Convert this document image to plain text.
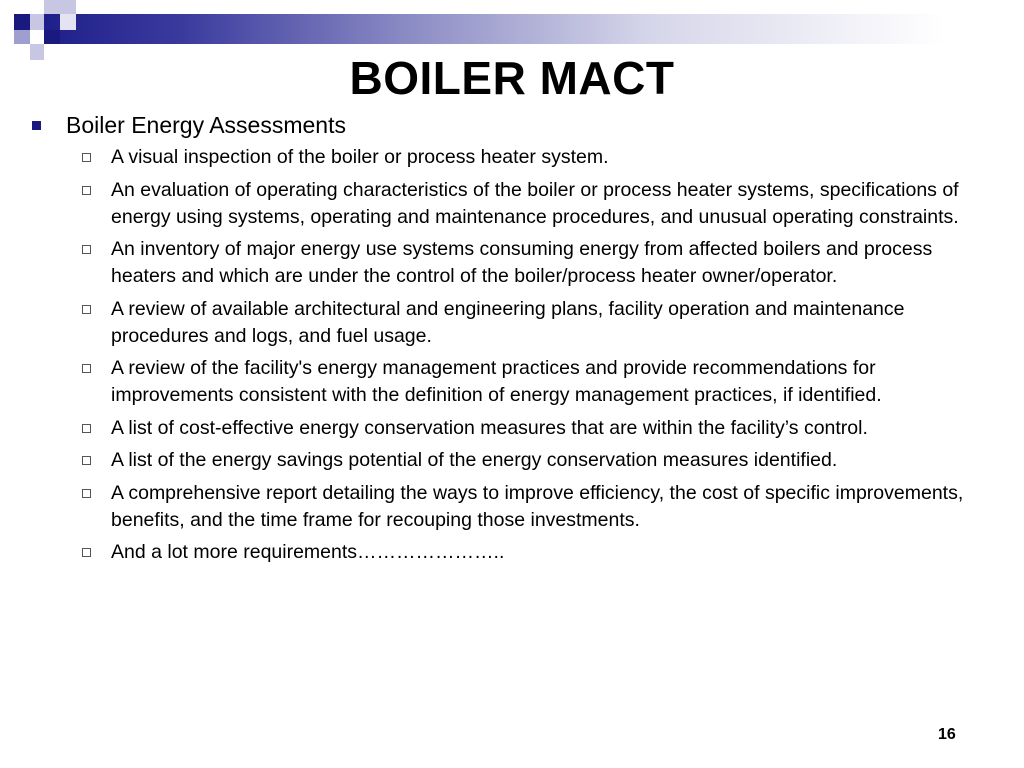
BOILER MACT
Boiler Energy Assessments
A visual inspection of the boiler or process heater system.
An evaluation of operating characteristics of the boiler or process heater systems, specifications of energy using systems, operating and maintenance procedures, and unusual operating constraints.
An inventory of major energy use systems consuming energy from affected boilers and process heaters and which are under the control of the boiler/process heater owner/operator.
A review of available architectural and engineering plans, facility operation and maintenance procedures and logs, and fuel usage.
A review of the facility's energy management practices and provide recommendations for improvements consistent with the definition of energy management practices, if identified.
A list of cost-effective energy conservation measures that are within the facility’s control.
A list of the energy savings potential of the energy conservation measures identified.
A comprehensive report detailing the ways to improve efficiency, the cost of specific improvements, benefits, and the time frame for recouping those investments.
And a lot more requirements…………………..
16
